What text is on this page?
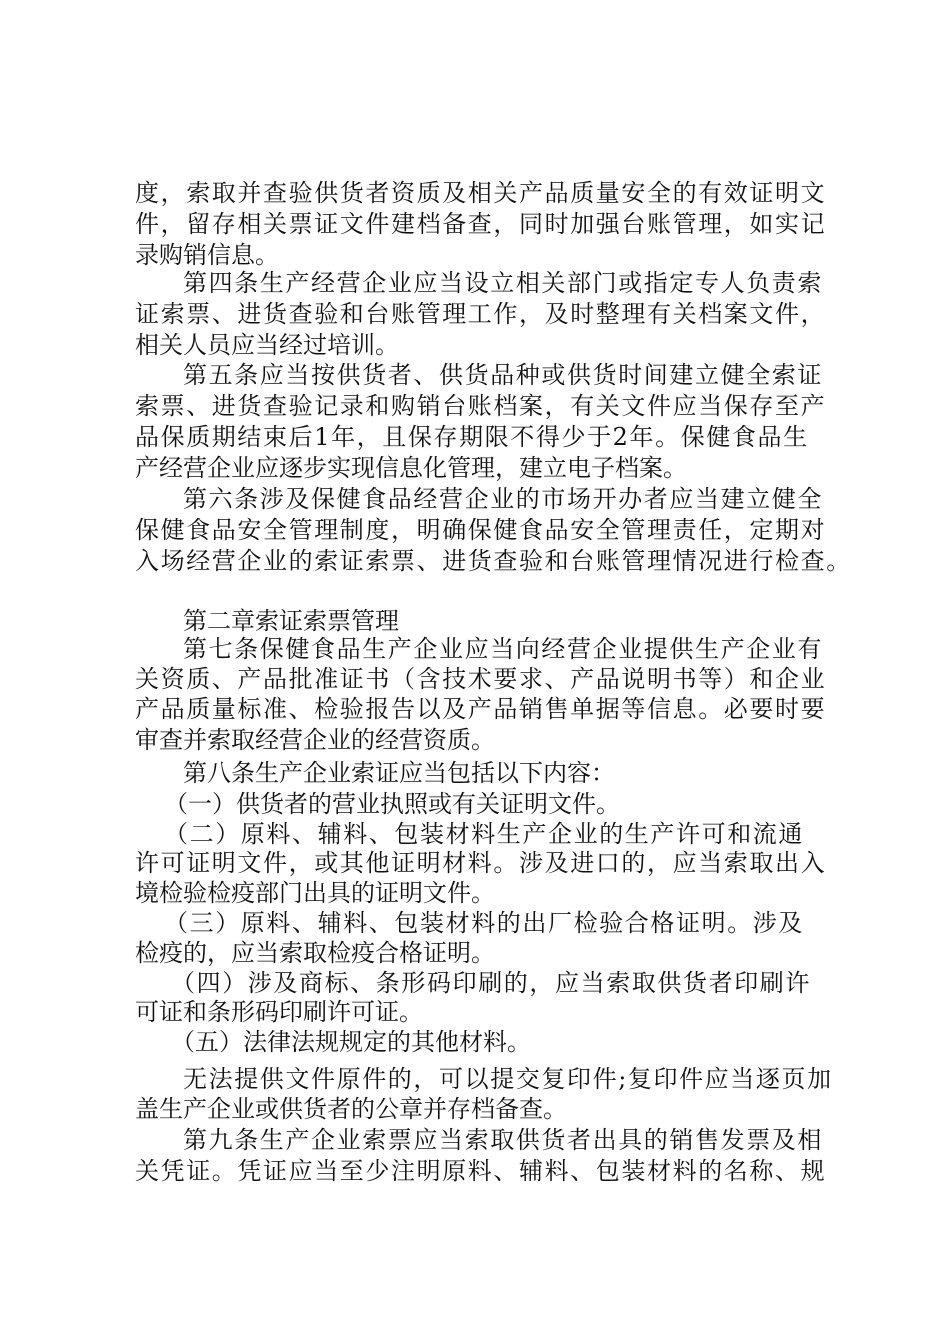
度，索取并查验供货者资质及相关产品质量安全的有效证明文
件，留存相关票证文件建档备查，同时加强台账管理，如实记
录购销信息。
第四条生产经营企业应当设立相关部门或指定专人负责索
证索票、进货查验和台账管理工作，及时整理有关档案文件，
相关人员应当经过培训。
第五条应当按供货者、供货品种或供货时间建立健全索证
索票、进货查验记录和购销台账档案，有关文件应当保存至产
品保质期结束后1年，且保存期限不得少于2年。保健食品生
产经营企业应逐步实现信息化管理，建立电子档案。
第六条涉及保健食品经营企业的市场开办者应当建立健全
保健食品安全管理制度，明确保健食品安全管理责任，定期对
入场经营企业的索证索票、进货查验和台账管理情况进行检查。
第二章索证索票管理
第七条保健食品生产企业应当向经营企业提供生产企业有
关资质、产品批准证书（含技术要求、产品说明书等）和企业
产品质量标准、检验报告以及产品销售单据等信息。必要时要
审查并索取经营企业的经营资质。
第八条生产企业索证应当包括以下内容：
（一）供货者的营业执照或有关证明文件。
（二）原料、辅料、包装材料生产企业的生产许可和流通
许可证明文件，或其他证明材料。涉及进口的，应当索取出入
境检验检疫部门出具的证明文件。
（三）原料、辅料、包装材料的出厂检验合格证明。涉及
检疫的，应当索取检疫合格证明。
（四）涉及商标、条形码印刷的，应当索取供货者印刷许
可证和条形码印刷许可证。
（五）法律法规规定的其他材料。
无法提供文件原件的，可以提交复印件;复印件应当逐页加
盖生产企业或供货者的公章并存档备查。
第九条生产企业索票应当索取供货者出具的销售发票及相
关凭证。凭证应当至少注明原料、辅料、包装材料的名称、规
